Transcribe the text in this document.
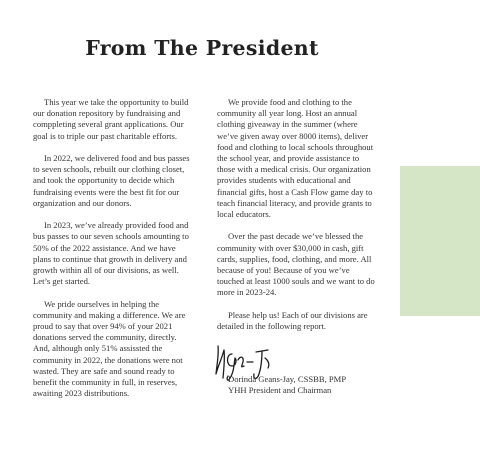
From The President

This year we take the opportunity to build our donation repository by fundraising and comppleting several grant applications. Our goal is to triple our past charitable efforts.

In 2022, we delivered food and bus passes to seven schools, rebuilt our clothing closet, and took the opportunity to decide which fundraising events were the best fit for our organization and our donors.

In 2023, we’ve already provided food and bus passes to our seven schools amounting to 50% of the 2022 assistance. And we have plans to continue that growth in delivery and growth within all of our divisions, as well. Let’s get started.

We pride ourselves in helping the community and making a difference. We are proud to say that over 94% of your 2021 donations served the community, directly. And, although only 51% assissted the community in 2022, the donations were not wasted. They are safe and sound ready to benefit the community in full, in reserves, awaiting 2023 distributions.

We provide food and clothing to the community all year long. Host an annual clothing giveaway in the summer (where we’ve given away over 8000 items), deliver food and clothing to local schools throughout the school year, and provide assistance to those with a medical crisis. Our organization provides students with educational and financial gifts, host a Cash Flow game day to teach financial literacy, and provide grants to local educators.

Over the past decade we’ve blessed the community with over $30,000 in cash, gift cards, supplies, food, clothing, and more. All because of you! Because of you we’ve touched at least 1000 souls and we want to do more in 2023-24.

Please help us! Each of our divisions are detailed in the following report.

Dorinda Geans-Jay, CSSBB, PMP
YHH President and Chairman
